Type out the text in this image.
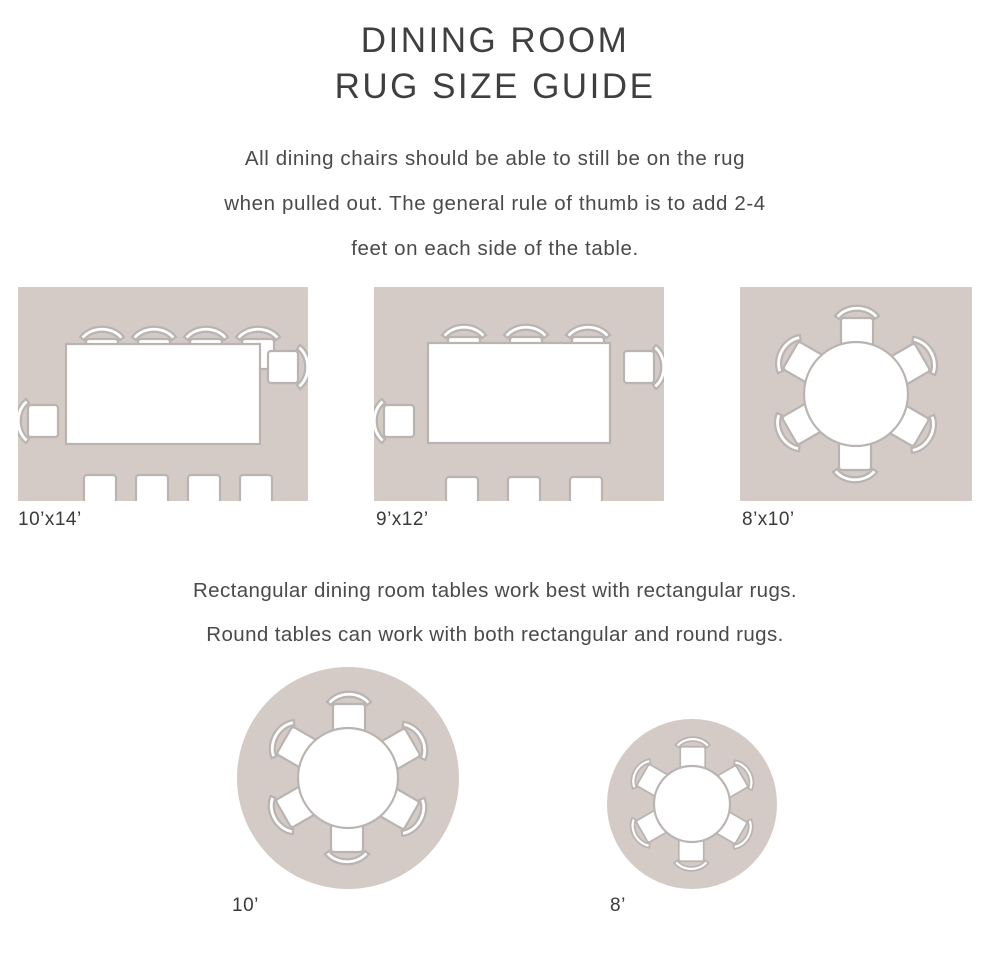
DINING ROOM
RUG SIZE GUIDE
All dining chairs should be able to still be on the rug
when pulled out. The general rule of thumb is to add 2-4
feet on each side of the table.
10’x14’	9’x12’	8’x10’
Rectangular dining room tables work best with rectangular rugs.
Round tables can work with both rectangular and round rugs.
10’	8’
